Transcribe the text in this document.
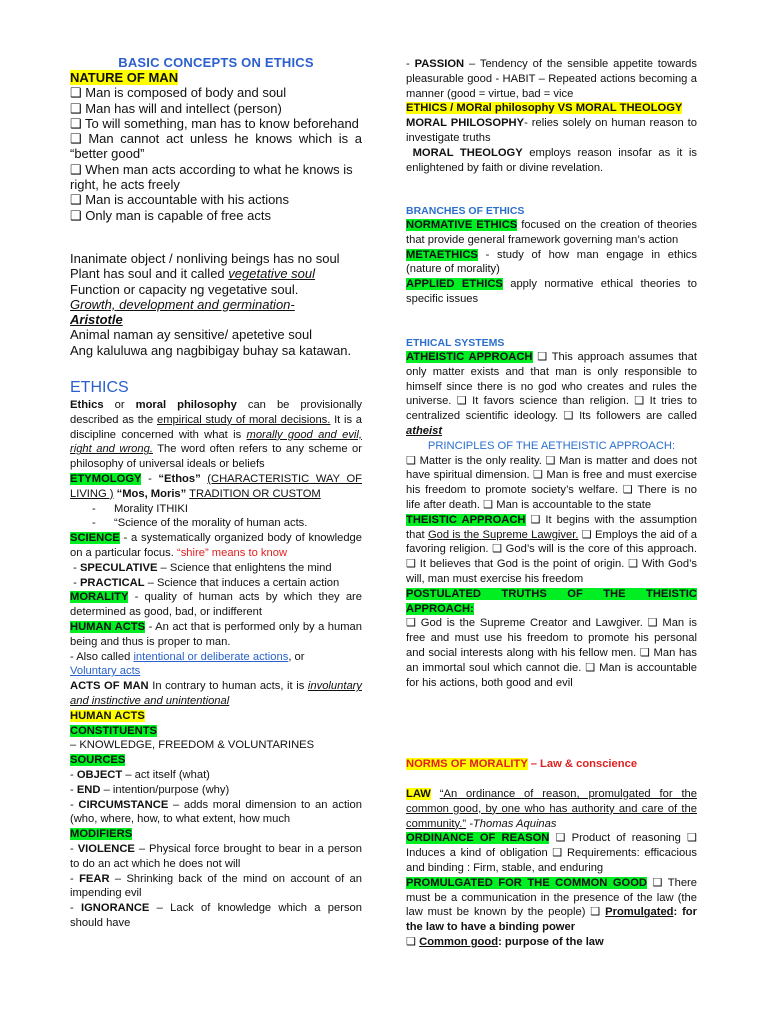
BASIC CONCEPTS ON ETHICS
NATURE OF MAN
❑ Man is composed of body and soul
❑ Man has will and intellect (person)
❑ To will something, man has to know beforehand
❑ Man cannot act unless he knows which is a “better good”
❑ When man acts according to what he knows is right, he acts freely
❑ Man is accountable with his actions
❑ Only man is capable of free acts
Inanimate object / nonliving beings has no soul
Plant has soul and it called vegetative soul
Function or capacity ng vegetative soul.
Growth, development and germination-
Aristotle
Animal naman ay sensitive/ apetetive soul
Ang kaluluwa ang nagbibigay buhay sa katawan.
ETHICS
Ethics or moral philosophy can be provisionally described as the empirical study of moral decisions. It is a discipline concerned with what is morally good and evil, right and wrong. The word often refers to any scheme or philosophy of universal ideals or beliefs
ETYMOLOGY - “Ethos” (CHARACTERISTIC WAY OF LIVING ) “Mos, Moris” TRADITION OR CUSTOM
- Morality ITHIKI
- “Science of the morality of human acts.
SCIENCE - a systematically organized body of knowledge on a particular focus. “shire” means to know
- SPECULATIVE – Science that enlightens the mind
- PRACTICAL – Science that induces a certain action
MORALITY - quality of human acts by which they are determined as good, bad, or indifferent
HUMAN ACTS - An act that is performed only by a human being and thus is proper to man.
- Also called intentional or deliberate actions, or
Voluntary acts
ACTS OF MAN In contrary to human acts, it is involuntary and instinctive and unintentional
HUMAN ACTS
CONSTITUENTS
– KNOWLEDGE, FREEDOM & VOLUNTARINES
SOURCES
- OBJECT – act itself (what)
- END – intention/purpose (why)
- CIRCUMSTANCE – adds moral dimension to an action (who, where, how, to what extent, how much
MODIFIERS
- VIOLENCE – Physical force brought to bear in a person to do an act which he does not will
- FEAR – Shrinking back of the mind on account of an impending evil
- IGNORANCE – Lack of knowledge which a person should have
- PASSION – Tendency of the sensible appetite towards pleasurable good - HABIT – Repeated actions becoming a manner (good = virtue, bad = vice
ETHICS / MORal philosophy VS MORAL THEOLOGY
MORAL PHILOSOPHY- relies solely on human reason to investigate truths
MORAL THEOLOGY employs reason insofar as it is enlightened by faith or divine revelation.
BRANCHES OF ETHICS
NORMATIVE ETHICS focused on the creation of theories that provide general framework governing man’s action
METAETHICS - study of how man engage in ethics (nature of morality)
APPLIED ETHICS apply normative ethical theories to specific issues
ETHICAL SYSTEMS
ATHEISTIC APPROACH ❑ This approach assumes that only matter exists and that man is only responsible to himself since there is no god who creates and rules the universe. ❑ It favors science than religion. ❑ It tries to centralized scientific ideology. ❑ Its followers are called atheist
PRINCIPLES OF THE AETHEISTIC APPROACH:
❑ Matter is the only reality. ❑ Man is matter and does not have spiritual dimension. ❑ Man is free and must exercise his freedom to promote society’s welfare. ❑ There is no life after death. ❑ Man is accountable to the state
THEISTIC APPROACH ❑ It begins with the assumption that God is the Supreme Lawgiver. ❑ Employs the aid of a favoring religion. ❑ God’s will is the core of this approach. ❑ It believes that God is the point of origin. ❑ With God’s will, man must exercise his freedom
POSTULATED TRUTHS OF THE THEISTIC APPROACH:
❑ God is the Supreme Creator and Lawgiver. ❑ Man is free and must use his freedom to promote his personal and social interests along with his fellow men. ❑ Man has an immortal soul which cannot die. ❑ Man is accountable for his actions, both good and evil
NORMS OF MORALITY – Law & conscience
LAW “An ordinance of reason, promulgated for the common good, by one who has authority and care of the community.” -Thomas Aquinas
ORDINANCE OF REASON ❑ Product of reasoning ❑ Induces a kind of obligation ❑ Requirements: efficacious and binding : Firm, stable, and enduring
PROMULGATED FOR THE COMMON GOOD ❑ There must be a communication in the presence of the law (the law must be known by the people) ❑ Promulgated: for the law to have a binding power
❑ Common good: purpose of the law
